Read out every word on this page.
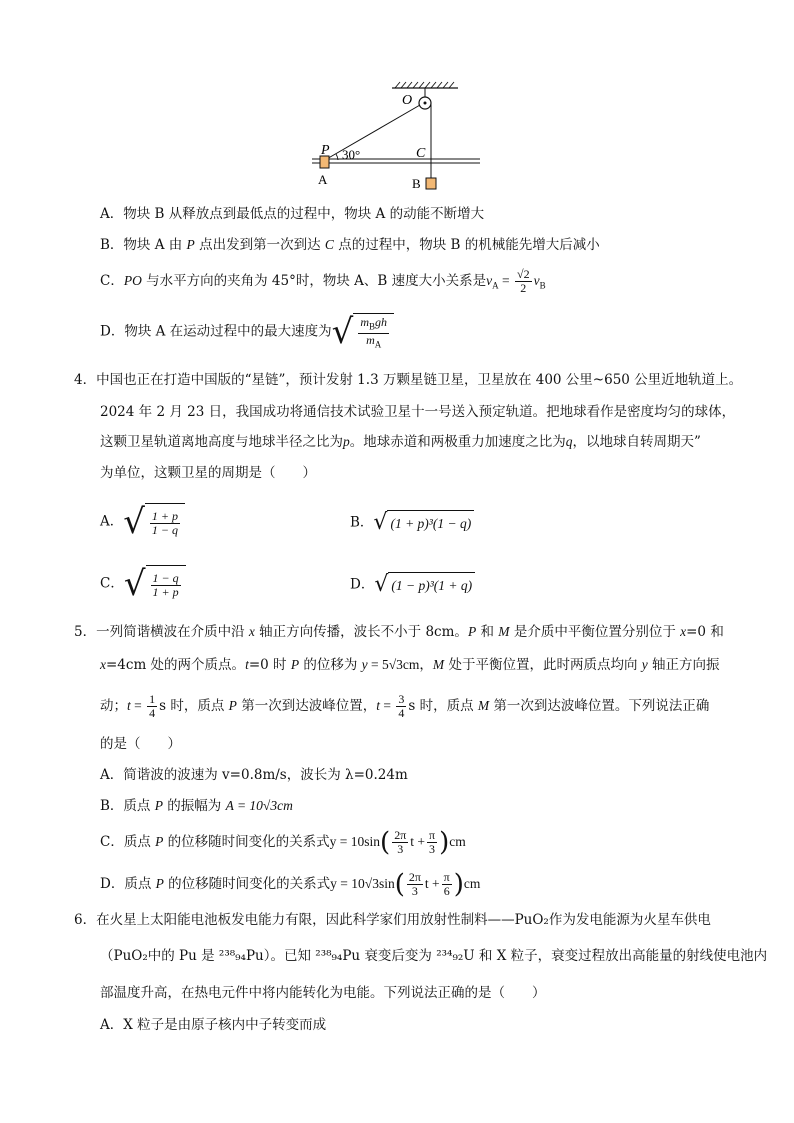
O
P 30°	C
A	B
A．物块 B 从释放点到最低点的过程中，物块 A 的动能不断增大
B．物块 A 由 P 点出发到第一次到达 C 点的过程中，物块 B 的机械能先增大后减小
C．PO 与水平方向的夹角为 45°时，物块 A、B 速度大小关系是$v_A = \frac{√2}{2} v_B$
D．物块 A 在运动过程中的最大速度为 √ $\frac{m_Bgh}{m_A}$
4．中国也正在打造中国版的“星链”，预计发射 1.3 万颗星链卫星，卫星放在 400 公里~650 公里近地轨道上。
2024 年 2 月 23 日，我国成功将通信技术试验卫星十一号送入预定轨道。把地球看作是密度均匀的球体，
这颗卫星轨道离地高度与地球半径之比为p。地球赤道和两极重力加速度之比为q，以地球自转周期天”
为单位，这颗卫星的周期是（　　）
A． √ $\frac{1 + p}{1 - q}$	B． √ (1 + p)³(1 − q)
C． √ $\frac{1 - q}{1 + p}$	D． √ (1 − p)³(1 + q)
5．一列简谐横波在介质中沿 x 轴正方向传播，波长不小于 8cm。P 和 M 是介质中平衡位置分别位于 x=0 和
x=4cm 处的两个质点。t=0 时 P 的位移为 y = 5√3cm，M 处于平衡位置，此时两质点均向 y 轴正方向振
动；$t = \frac{1}{4}$ s 时，质点 P 第一次到达波峰位置，$t = \frac{3}{4}$ s 时，质点 M 第一次到达波峰位置。下列说法正确
的是（　　）
A．简谐波的波速为 v=0.8m/s，波长为 λ=0.24m
B．质点 P 的振幅为 A = 10√3cm
C．质点 P 的位移随时间变化的关系式$y = 10\sin( \frac{2\pi}{3}$ $t + \frac{\pi}{3} )cm$
D．质点 P 的位移随时间变化的关系式$y = 10√3\sin( \frac{2\pi}{3}$ $t + \frac{\pi}{6} )cm$
6．在火星上太阳能电池板发电能力有限，因此科学家们用放射性制料——PuO₂作为发电能源为火星车供电
（PuO₂中的 Pu 是 ²³⁸₉₄Pu）。已知 ²³⁸₉₄Pu 衰变后变为 ²³⁴₉₂U 和 X 粒子，衰变过程放出高能量的射线使电池内
部温度升高，在热电元件中将内能转化为电能。下列说法正确的是（　　）
A．X 粒子是由原子核内中子转变而成
